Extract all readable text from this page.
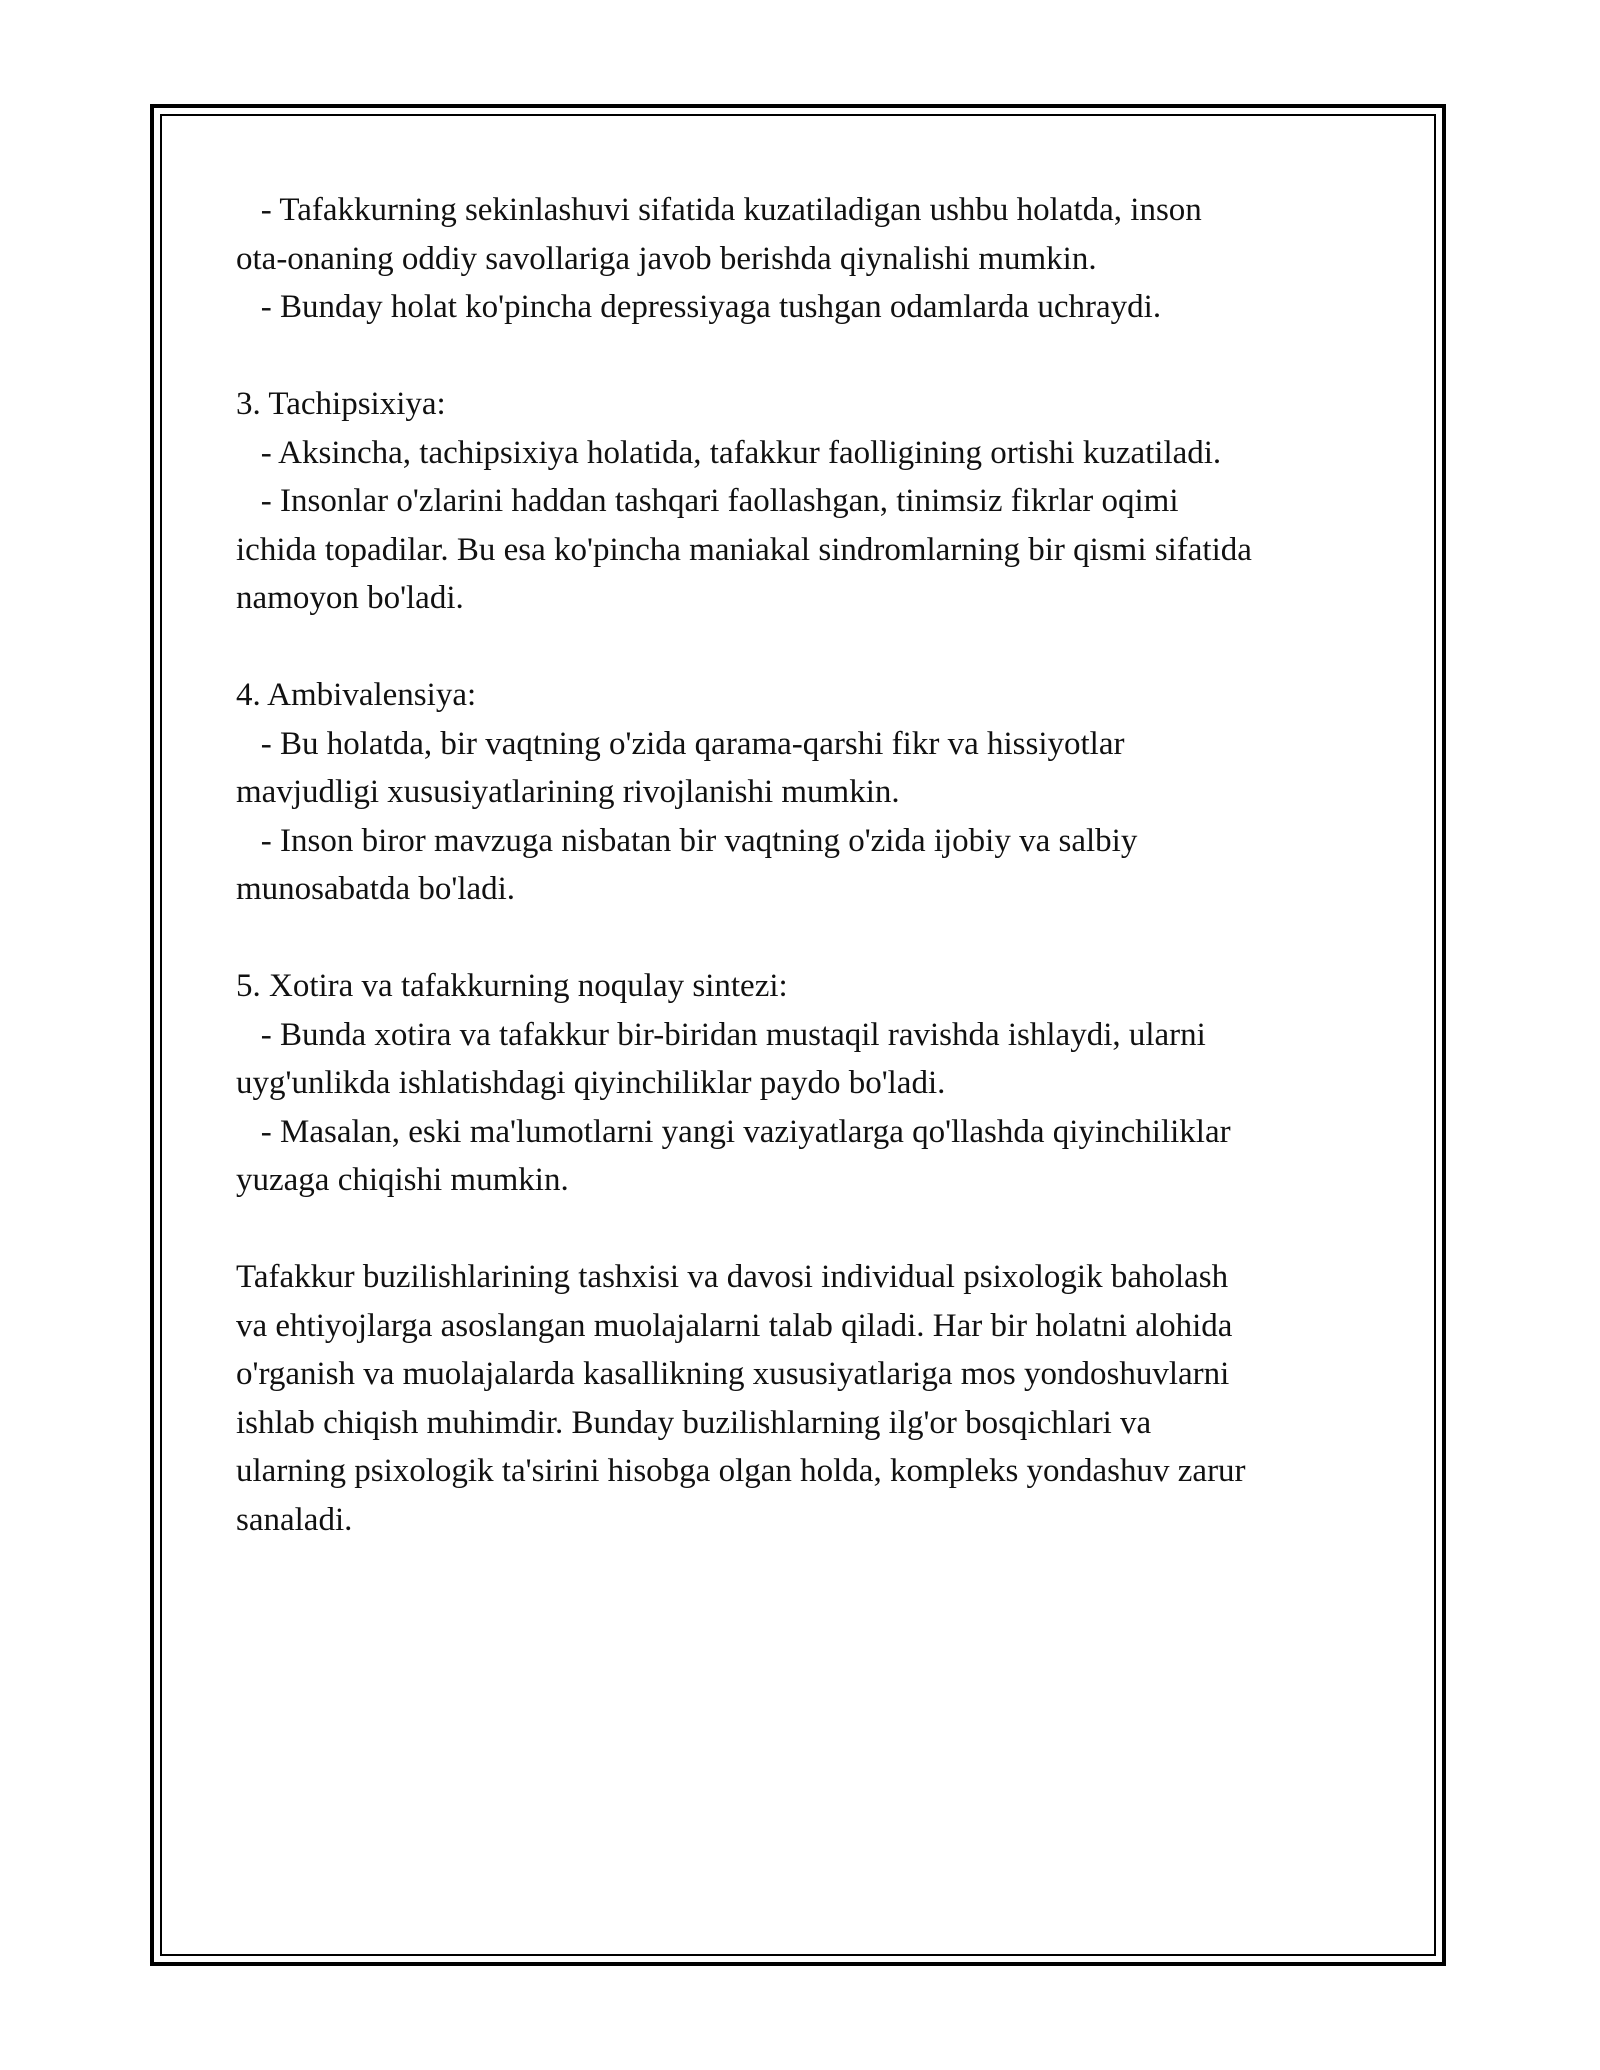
- Tafakkurning sekinlashuvi sifatida kuzatiladigan ushbu holatda, inson

ota-onaning oddiy savollariga javob berishda qiynalishi mumkin.

- Bunday holat ko'pincha depressiyaga tushgan odamlarda uchraydi.

3. Tachipsixiya:

- Aksincha, tachipsixiya holatida, tafakkur faolligining ortishi kuzatiladi.

- Insonlar o'zlarini haddan tashqari faollashgan, tinimsiz fikrlar oqimi

ichida topadilar. Bu esa ko'pincha maniakal sindromlarning bir qismi sifatida

namoyon bo'ladi.

4. Ambivalensiya:

- Bu holatda, bir vaqtning o'zida qarama-qarshi fikr va hissiyotlar

mavjudligi xususiyatlarining rivojlanishi mumkin.

- Inson biror mavzuga nisbatan bir vaqtning o'zida ijobiy va salbiy

munosabatda bo'ladi.

5. Xotira va tafakkurning noqulay sintezi:

- Bunda xotira va tafakkur bir-biridan mustaqil ravishda ishlaydi, ularni

uyg'unlikda ishlatishdagi qiyinchiliklar paydo bo'ladi.

- Masalan, eski ma'lumotlarni yangi vaziyatlarga qo'llashda qiyinchiliklar

yuzaga chiqishi mumkin.

Tafakkur buzilishlarining tashxisi va davosi individual psixologik baholash

va ehtiyojlarga asoslangan muolajalarni talab qiladi. Har bir holatni alohida

o'rganish va muolajalarda kasallikning xususiyatlariga mos yondoshuvlarni

ishlab chiqish muhimdir. Bunday buzilishlarning ilg'or bosqichlari va

ularning psixologik ta'sirini hisobga olgan holda, kompleks yondashuv zarur

sanaladi.
